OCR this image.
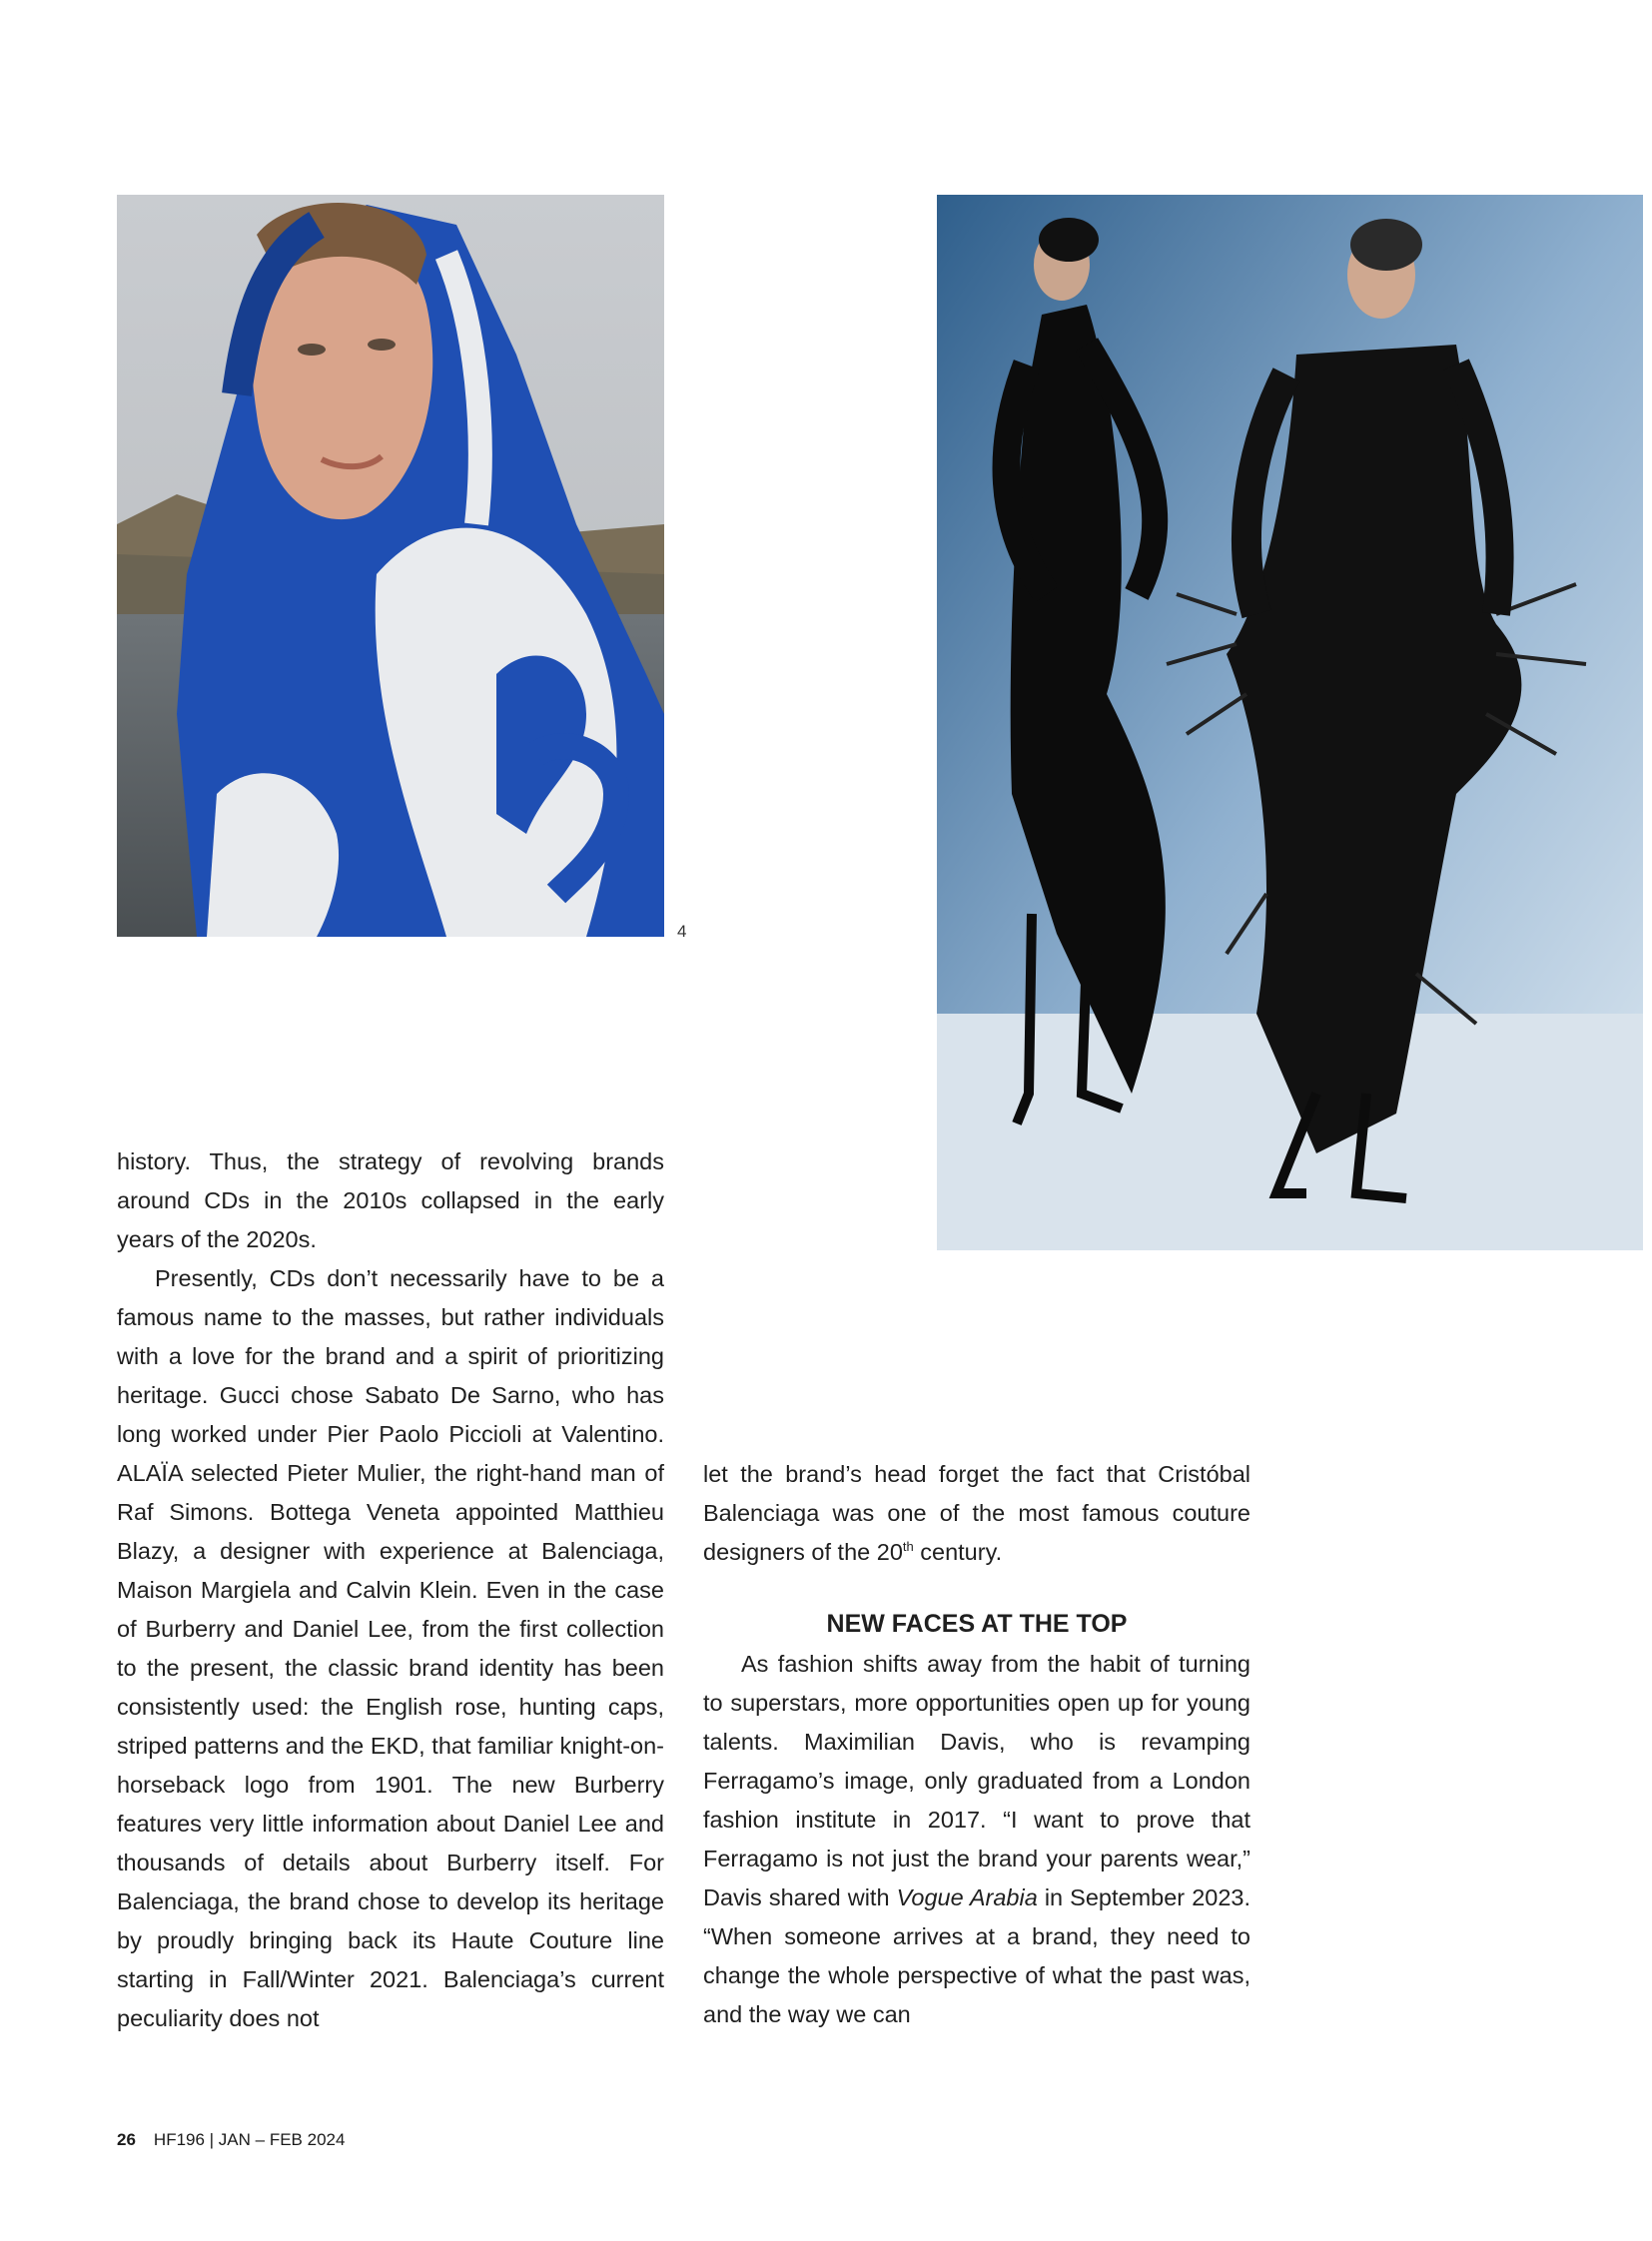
4

history. Thus, the strategy of revolving brands around CDs in the 2010s collapsed in the early years of the 2020s.

Presently, CDs don’t necessarily have to be a famous name to the masses, but rather individuals with a love for the brand and a spirit of prioritizing heritage. Gucci chose Sabato De Sarno, who has long worked under Pier Paolo Piccioli at Valentino. ALAÏA selected Pieter Mulier, the right-hand man of Raf Simons. Bottega Veneta appointed Matthieu Blazy, a designer with experience at Balenciaga, Maison Margiela and Calvin Klein. Even in the case of Burberry and Daniel Lee, from the first collection to the present, the classic brand identity has been consistently used: the English rose, hunting caps, striped patterns and the EKD, that familiar knight-on-horseback logo from 1901. The new Burberry features very little information about Daniel Lee and thousands of details about Burberry itself. For Balenciaga, the brand chose to develop its heritage by proudly bringing back its Haute Couture line starting in Fall/Winter 2021. Balenciaga’s current peculiarity does not

let the brand’s head forget the fact that Cristóbal Balenciaga was one of the most famous couture designers of the 20th century.

NEW FACES AT THE TOP

As fashion shifts away from the habit of turning to superstars, more opportunities open up for young talents. Maximilian Davis, who is revamping Ferragamo’s image, only graduated from a London fashion institute in 2017. “I want to prove that Ferragamo is not just the brand your parents wear,” Davis shared with Vogue Arabia in September 2023. “When someone arrives at a brand, they need to change the whole perspective of what the past was, and the way we can

26 HF196 | JAN – FEB 2024
